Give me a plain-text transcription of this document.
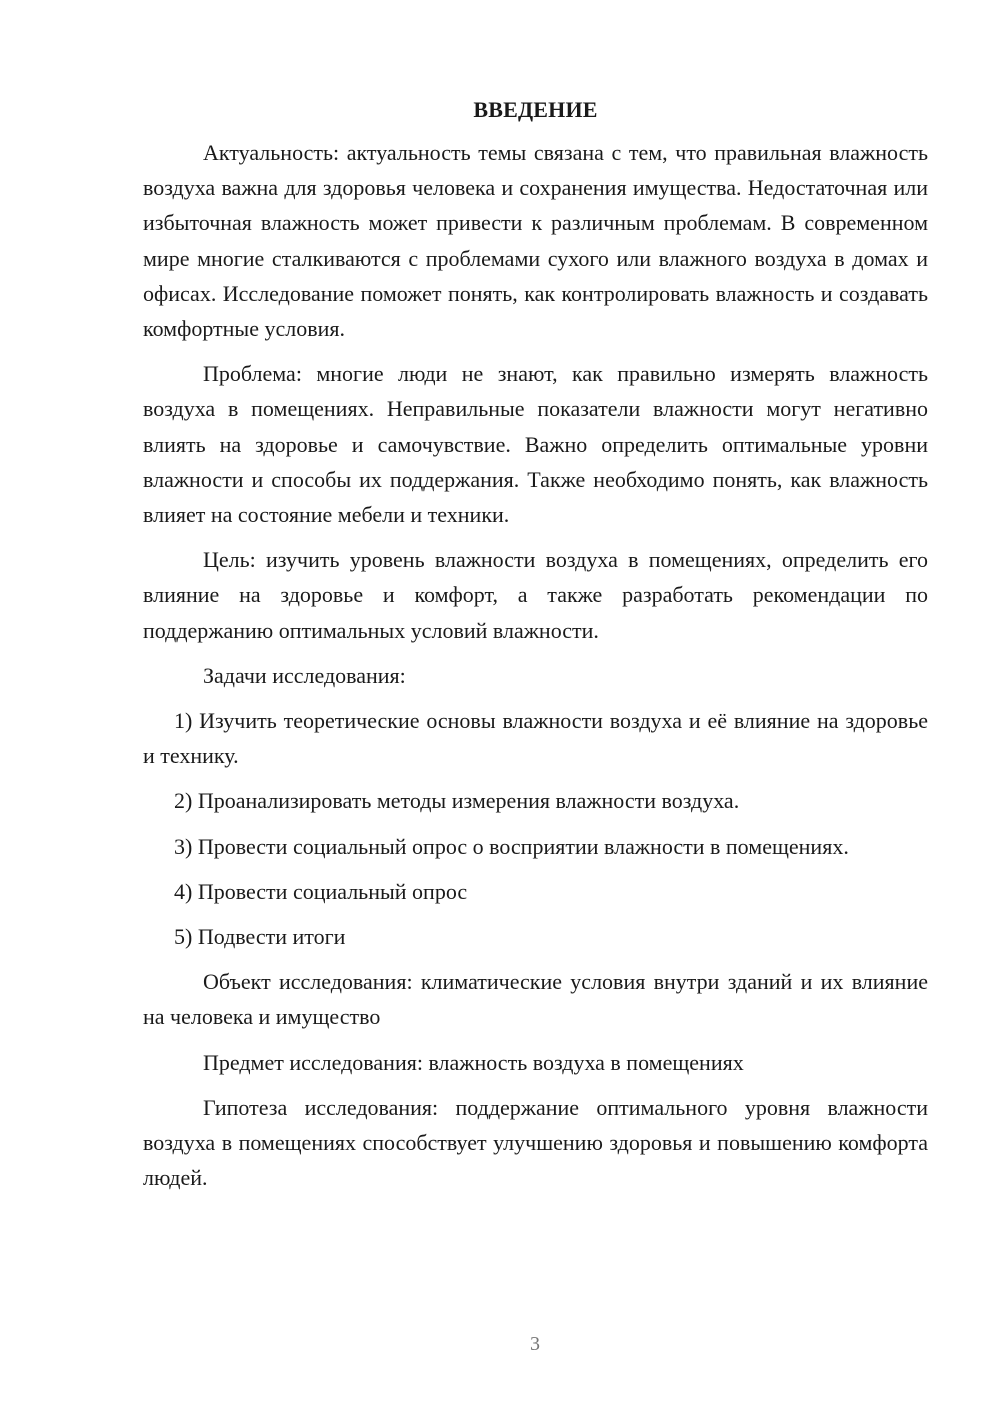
ВВЕДЕНИЕ

Актуальность: актуальность темы связана с тем, что правильная влажность воздуха важна для здоровья человека и сохранения имущества. Недостаточная или избыточная влажность может привести к различным проблемам. В современном мире многие сталкиваются с проблемами сухого или влажного воздуха в домах и офисах. Исследование поможет понять, как контролировать влажность и создавать комфортные условия.

Проблема: многие люди не знают, как правильно измерять влажность воздуха в помещениях. Неправильные показатели влажности могут негативно влиять на здоровье и самочувствие. Важно определить оптимальные уровни влажности и способы их поддержания. Также необходимо понять, как влажность влияет на состояние мебели и техники.

Цель: изучить уровень влажности воздуха в помещениях, определить его влияние на здоровье и комфорт, а также разработать рекомендации по поддержанию оптимальных условий влажности.

Задачи исследования:

1) Изучить теоретические основы влажности воздуха и её влияние на здоровье и технику.

2) Проанализировать методы измерения влажности воздуха.

3) Провести социальный опрос о восприятии влажности в помещениях.

4) Провести социальный опрос

5) Подвести итоги

Объект исследования: климатические условия внутри зданий и их влияние на человека и имущество

Предмет исследования: влажность воздуха в помещениях

Гипотеза исследования: поддержание оптимального уровня влажности воздуха в помещениях способствует улучшению здоровья и повышению комфорта людей.

3
